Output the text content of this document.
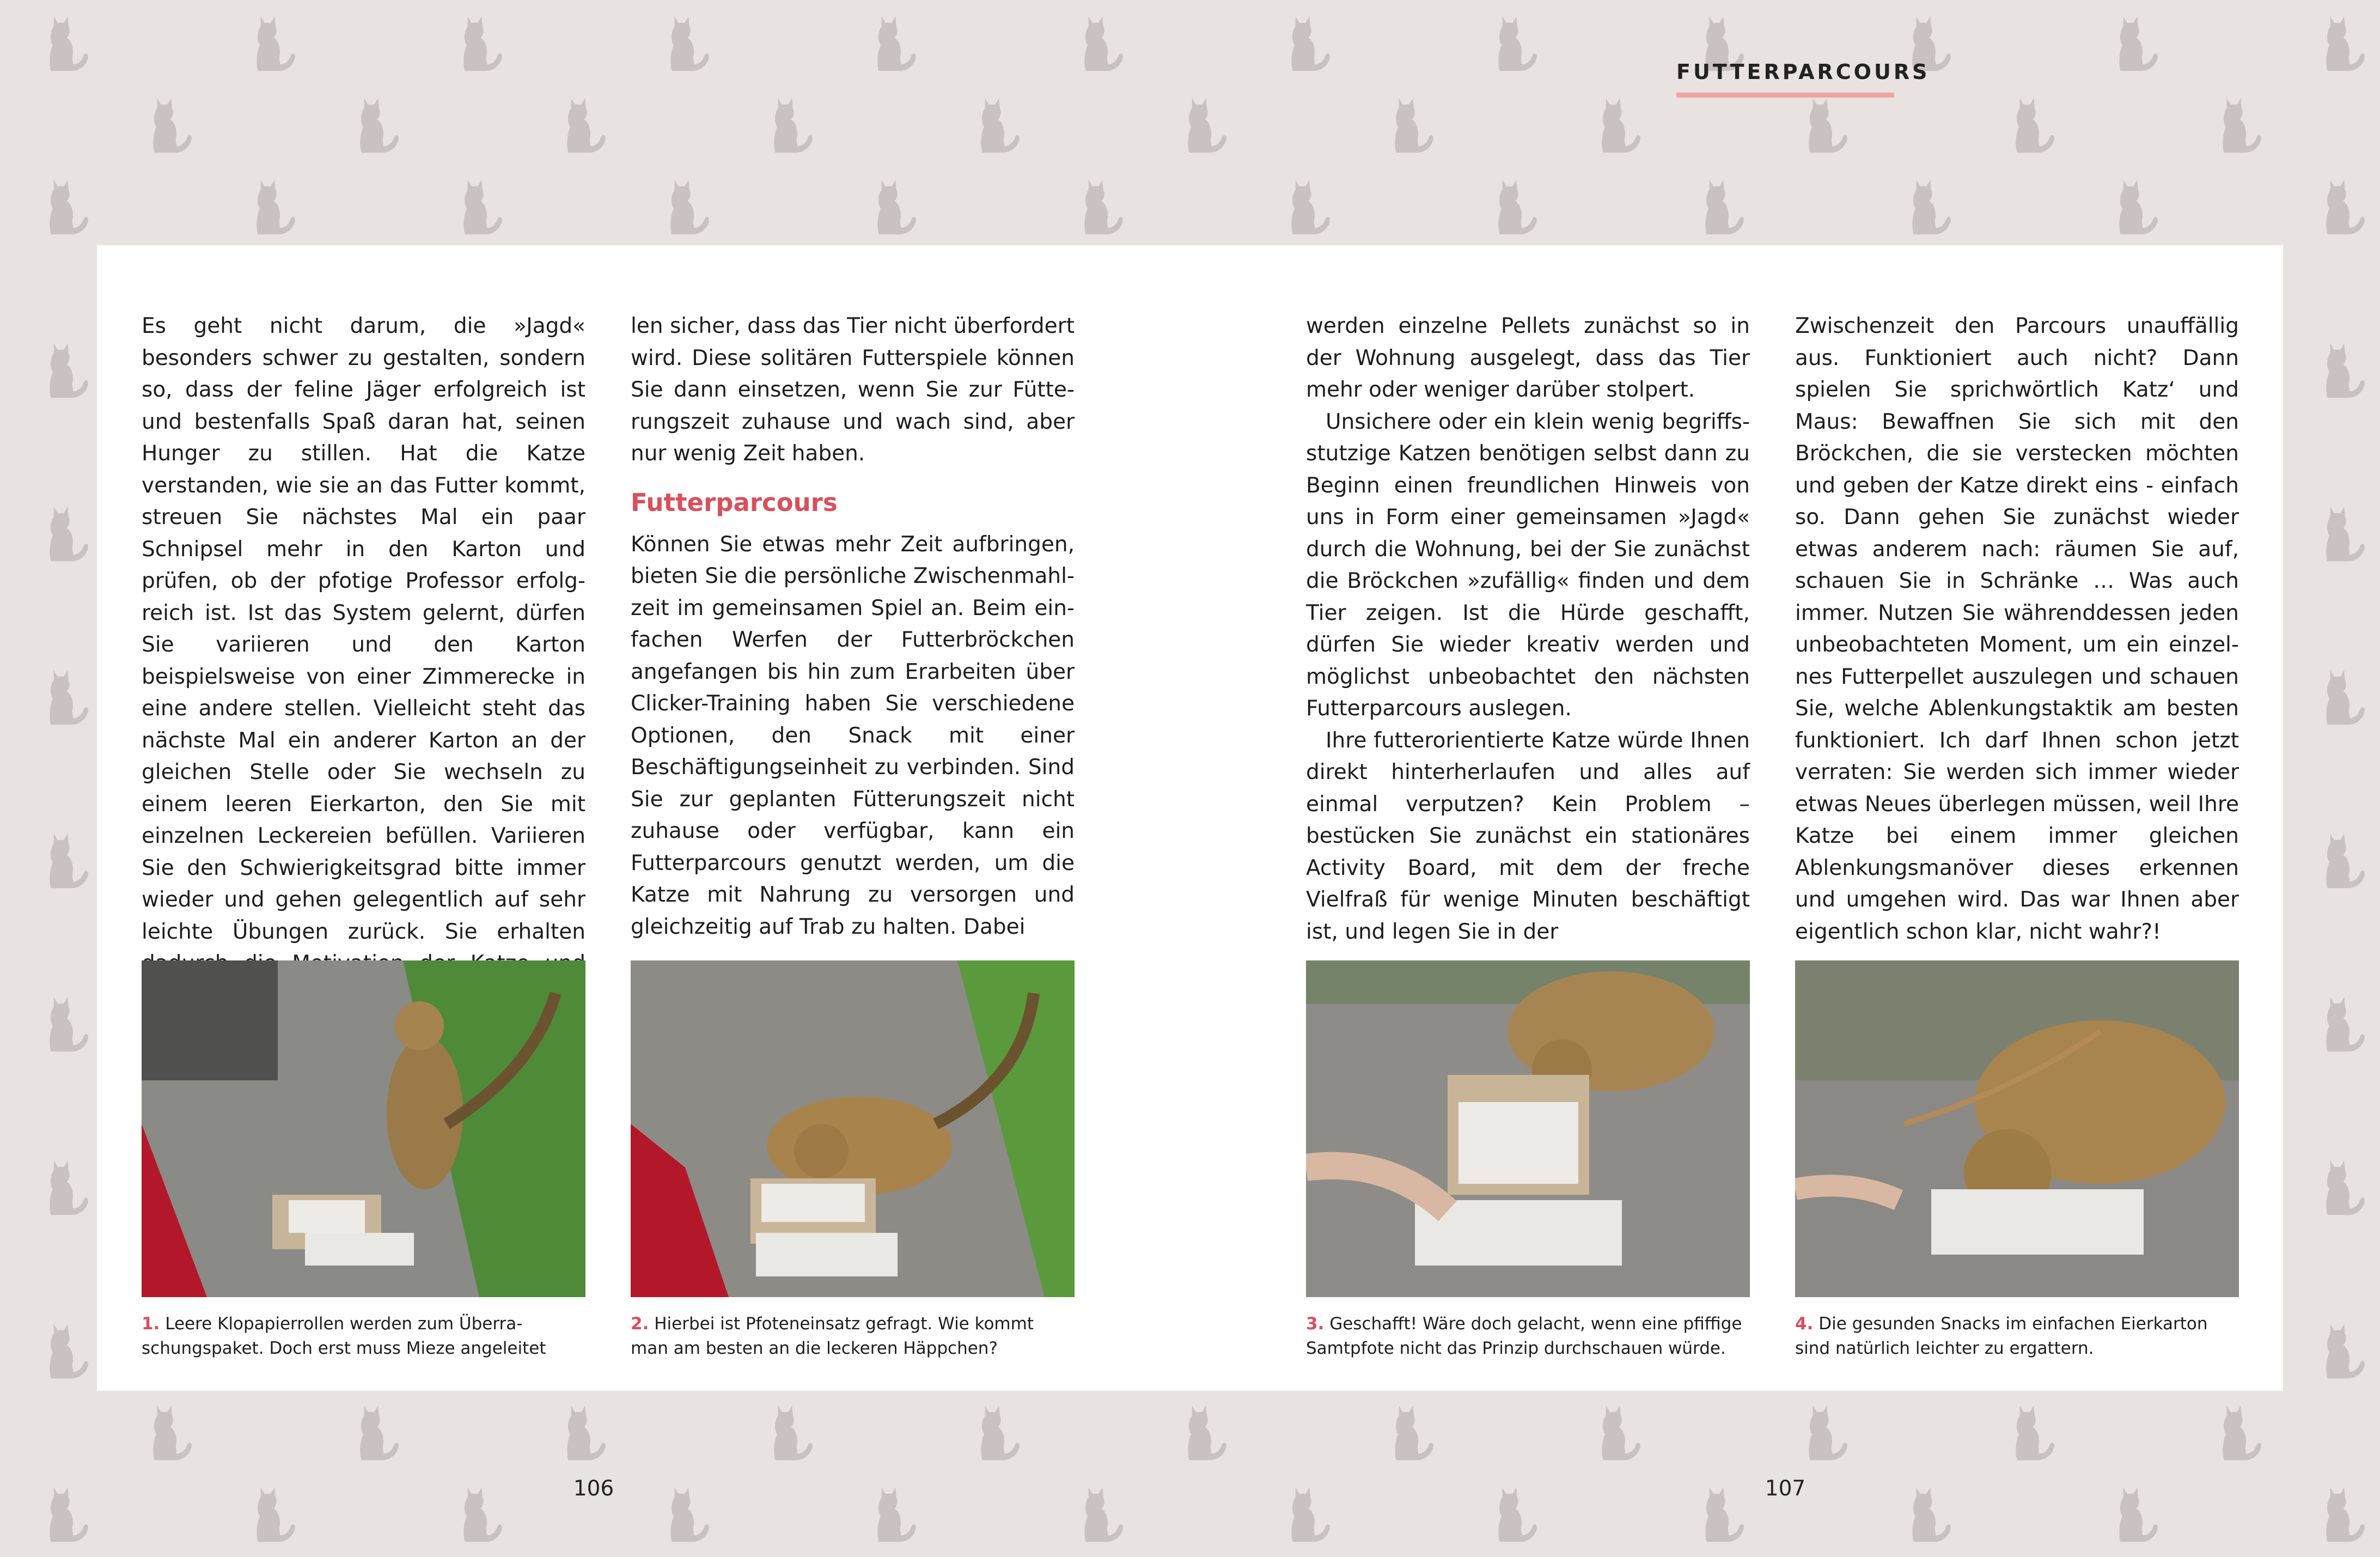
FUTTERPARCOURS

Es geht nicht darum, die »Jagd« besonders schwer zu gestalten, sondern so, dass der feline Jäger erfolgreich ist und bestenfalls Spaß daran hat, seinen Hunger zu stillen. Hat die Katze verstanden, wie sie an das Futter kommt, streuen Sie nächstes Mal ein paar Schnipsel mehr in den Karton und prüfen, ob der pfotige Professor erfolgreich ist. Ist das System gelernt, dürfen Sie variieren und den Karton beispielsweise von einer Zimmerecke in eine andere stellen. Vielleicht steht das nächste Mal ein anderer Karton an der gleichen Stelle oder Sie wechseln zu einem leeren Eierkarton, den Sie mit einzelnen Leckereien befüllen. Variieren Sie den Schwierigkeitsgrad bitte immer wieder und gehen gelegentlich auf sehr leichte Übungen zurück. Sie erhalten

len sicher, dass das Tier nicht überfordert wird. Diese solitären Futterspiele können Sie dann einsetzen, wenn Sie zur Fütterungszeit zuhause und wach sind, aber nur wenig Zeit haben.

Futterparcours

Können Sie etwas mehr Zeit aufbringen, bieten Sie die persönliche Zwischenmahlzeit im gemeinsamen Spiel an. Beim einfachen Werfen der Futterbröckchen angefangen bis hin zum Erarbeiten über Clicker-Training haben Sie verschiedene Optionen, den Snack mit einer Beschäftigungseinheit zu verbinden. Sind Sie zur geplanten Fütterungszeit nicht zuhause oder verfügbar, kann ein Futterparcours genutzt werden, um die Katze mit Nahrung zu versorgen und gleichzeitig auf Trab zu halten. Dabei

werden einzelne Pellets zunächst so in der Wohnung ausgelegt, dass das Tier mehr oder weniger darüber stolpert.

Unsichere oder ein klein wenig begriffsstutzige Katzen benötigen selbst dann zu Beginn einen freundlichen Hinweis von uns in Form einer gemeinsamen »Jagd« durch die Wohnung, bei der Sie zunächst die Bröckchen »zufällig« finden und dem Tier zeigen. Ist die Hürde geschafft, dürfen Sie wieder kreativ werden und möglichst unbeobachtet den nächsten Futterparcours auslegen.

Ihre futterorientierte Katze würde Ihnen direkt hinterherlaufen und alles auf einmal verputzen? Kein Problem – bestücken Sie zunächst ein stationäres Activity Board, mit dem der freche Vielfraß für wenige Minuten beschäftigt ist, und legen Sie in der

Zwischenzeit den Parcours unauffällig aus. Funktioniert auch nicht? Dann spielen Sie sprichwörtlich Katz‘ und Maus: Bewaffnen Sie sich mit den Bröckchen, die sie verstecken möchten und geben der Katze direkt eins - einfach so. Dann gehen Sie zunächst wieder etwas anderem nach: räumen Sie auf, schauen Sie in Schränke … Was auch immer. Nutzen Sie währenddessen jeden unbeobachteten Moment, um ein einzelnes Futterpellet auszulegen und schauen Sie, welche Ablenkungstaktik am besten funktioniert. Ich darf Ihnen schon jetzt verraten: Sie werden sich immer wieder etwas Neues überlegen müssen, weil Ihre Katze bei einem immer gleichen Ablenkungsmanöver dieses erkennen und umgehen wird. Das war Ihnen aber eigentlich schon klar, nicht wahr?!

1. Leere Klopapierrollen werden zum Überraschungspaket. Doch erst muss Mieze angeleitet
2. Hierbei ist Pfoteneinsatz gefragt. Wie kommt man am besten an die leckeren Häppchen?
3. Geschafft! Wäre doch gelacht, wenn eine pfiffige Samtpfote nicht das Prinzip durchschauen würde.
4. Die gesunden Snacks im einfachen Eierkarton sind natürlich leichter zu ergattern.
106	107
